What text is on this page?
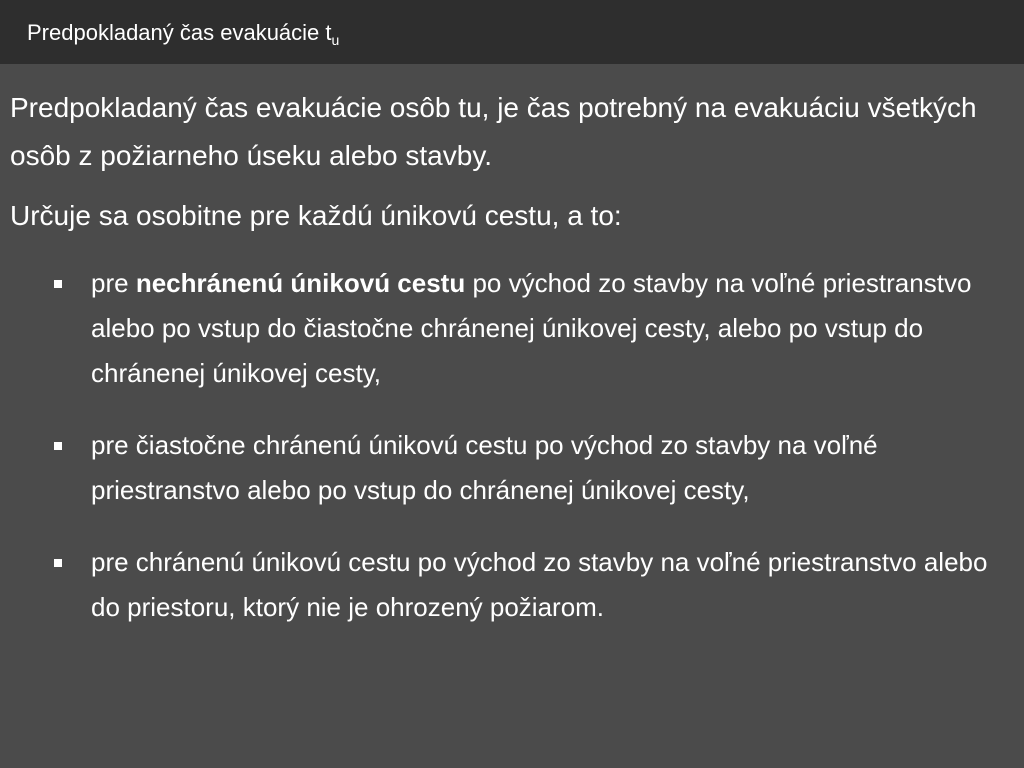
Predpokladaný čas evakuácie $t_u$

Predpokladaný čas evakuácie osôb tu, je čas potrebný na evakuáciu všetkých osôb z požiarneho úseku alebo stavby.

Určuje sa osobitne pre každú únikovú cestu, a to:

pre nechránenú únikovú cestu po východ zo stavby na voľné priestranstvo alebo po vstup do čiastočne chránenej únikovej cesty, alebo po vstup do chránenej únikovej cesty,
pre čiastočne chránenú únikovú cestu po východ zo stavby na voľné priestranstvo alebo po vstup do chránenej únikovej cesty,
pre chránenú únikovú cestu po východ zo stavby na voľné priestranstvo alebo do priestoru, ktorý nie je ohrozený požiarom.
